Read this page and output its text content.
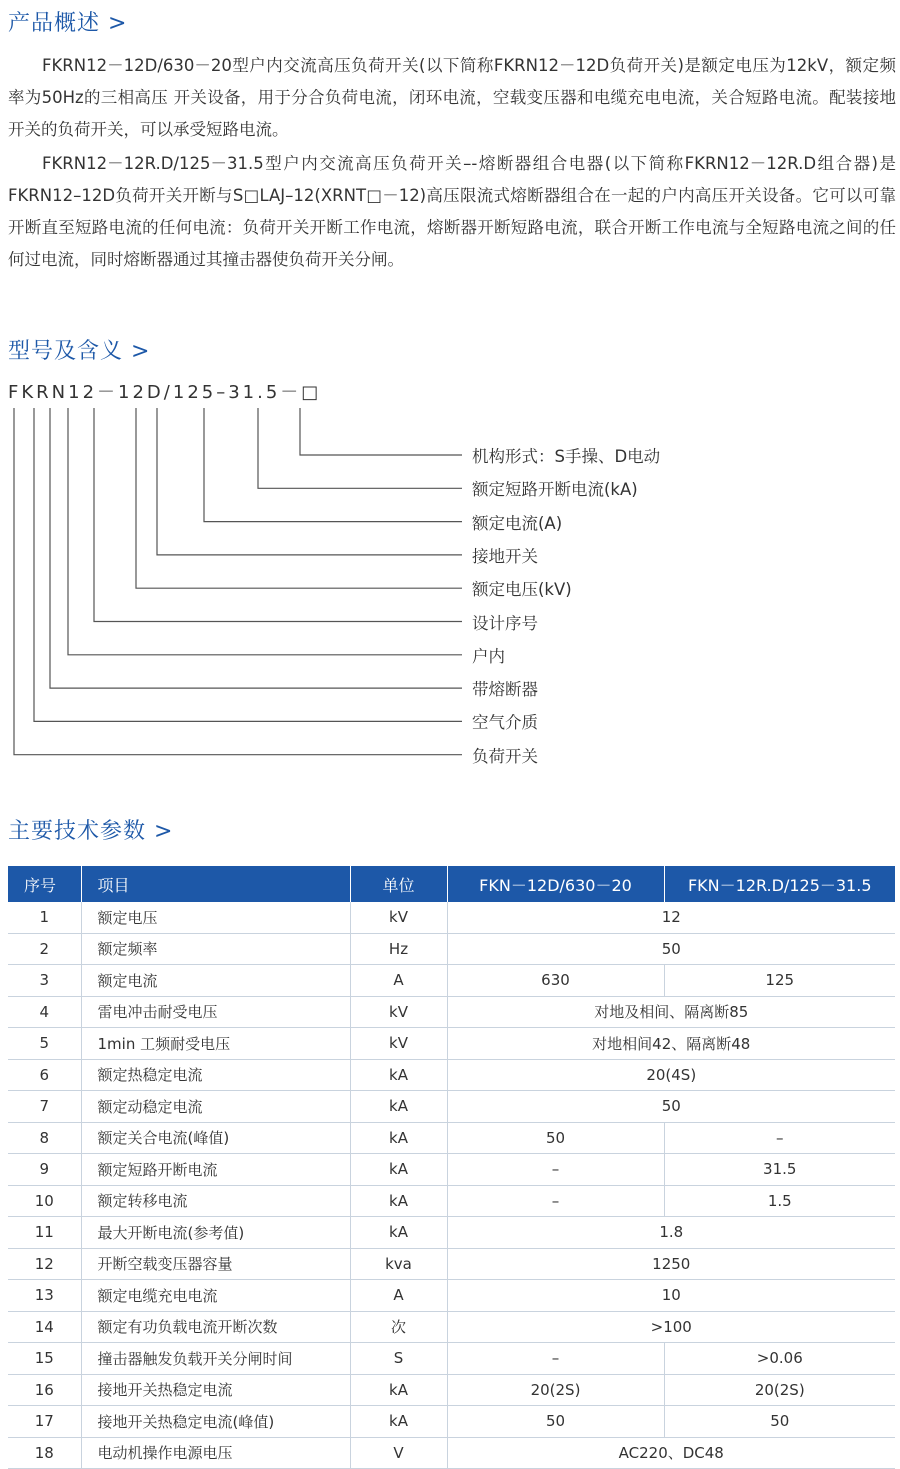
产品概述 >
FKRN12－12D/630－20型户内交流高压负荷开关(以下简称FKRN12－12D负荷开关)是额定电压为12kV，额定频率为50Hz的三相高压 开关设备，用于分合负荷电流，闭环电流，空载变压器和电缆充电电流，关合短路电流。配装接地开关的负荷开关，可以承受短路电流。
FKRN12－12R.D/125－31.5型户内交流高压负荷开关–-熔断器组合电器(以下简称FKRN12－12R.D组合器)是FKRN12–12D负荷开关开断与S□LAJ–12(XRNT□－12)高压限流式熔断器组合在一起的户内高压开关设备。它可以可靠开断直至短路电流的任何电流：负荷开关开断工作电流，熔断器开断短路电流，联合开断工作电流与全短路电流之间的任何过电流，同时熔断器通过其撞击器使负荷开关分闸。
型号及含义 >
FKRN12－12D/125–31.5－□
机构形式：S手操、D电动
额定短路开断电流(kA)
额定电流(A)
接地开关
额定电压(kV)
设计序号
户内
带熔断器
空气介质
负荷开关
主要技术参数 >
序号	项目	单位	FKN－12D/630－20	FKN－12R.D/125－31.5
1	额定电压	kV	12	
2	额定频率	Hz	50	
3	额定电流	A	630	125
4	雷电冲击耐受电压	kV	对地及相间、隔离断85	
5	1min 工频耐受电压	kV	对地相间42、隔离断48	
6	额定热稳定电流	kA	20(4S)	
7	额定动稳定电流	kA	50	
8	额定关合电流(峰值)	kA	50	–
9	额定短路开断电流	kA	–	31.5
10	额定转移电流	kA	–	1.5
11	最大开断电流(参考值)	kA	1.8	
12	开断空载变压器容量	kva	1250	
13	额定电缆充电电流	A	10	
14	额定有功负载电流开断次数	次	>100	
15	撞击器触发负载开关分闸时间	S	–	>0.06
16	接地开关热稳定电流	kA	20(2S)	20(2S)
17	接地开关热稳定电流(峰值)	kA	50	50
18	电动机操作电源电压	V	AC220、DC48	
